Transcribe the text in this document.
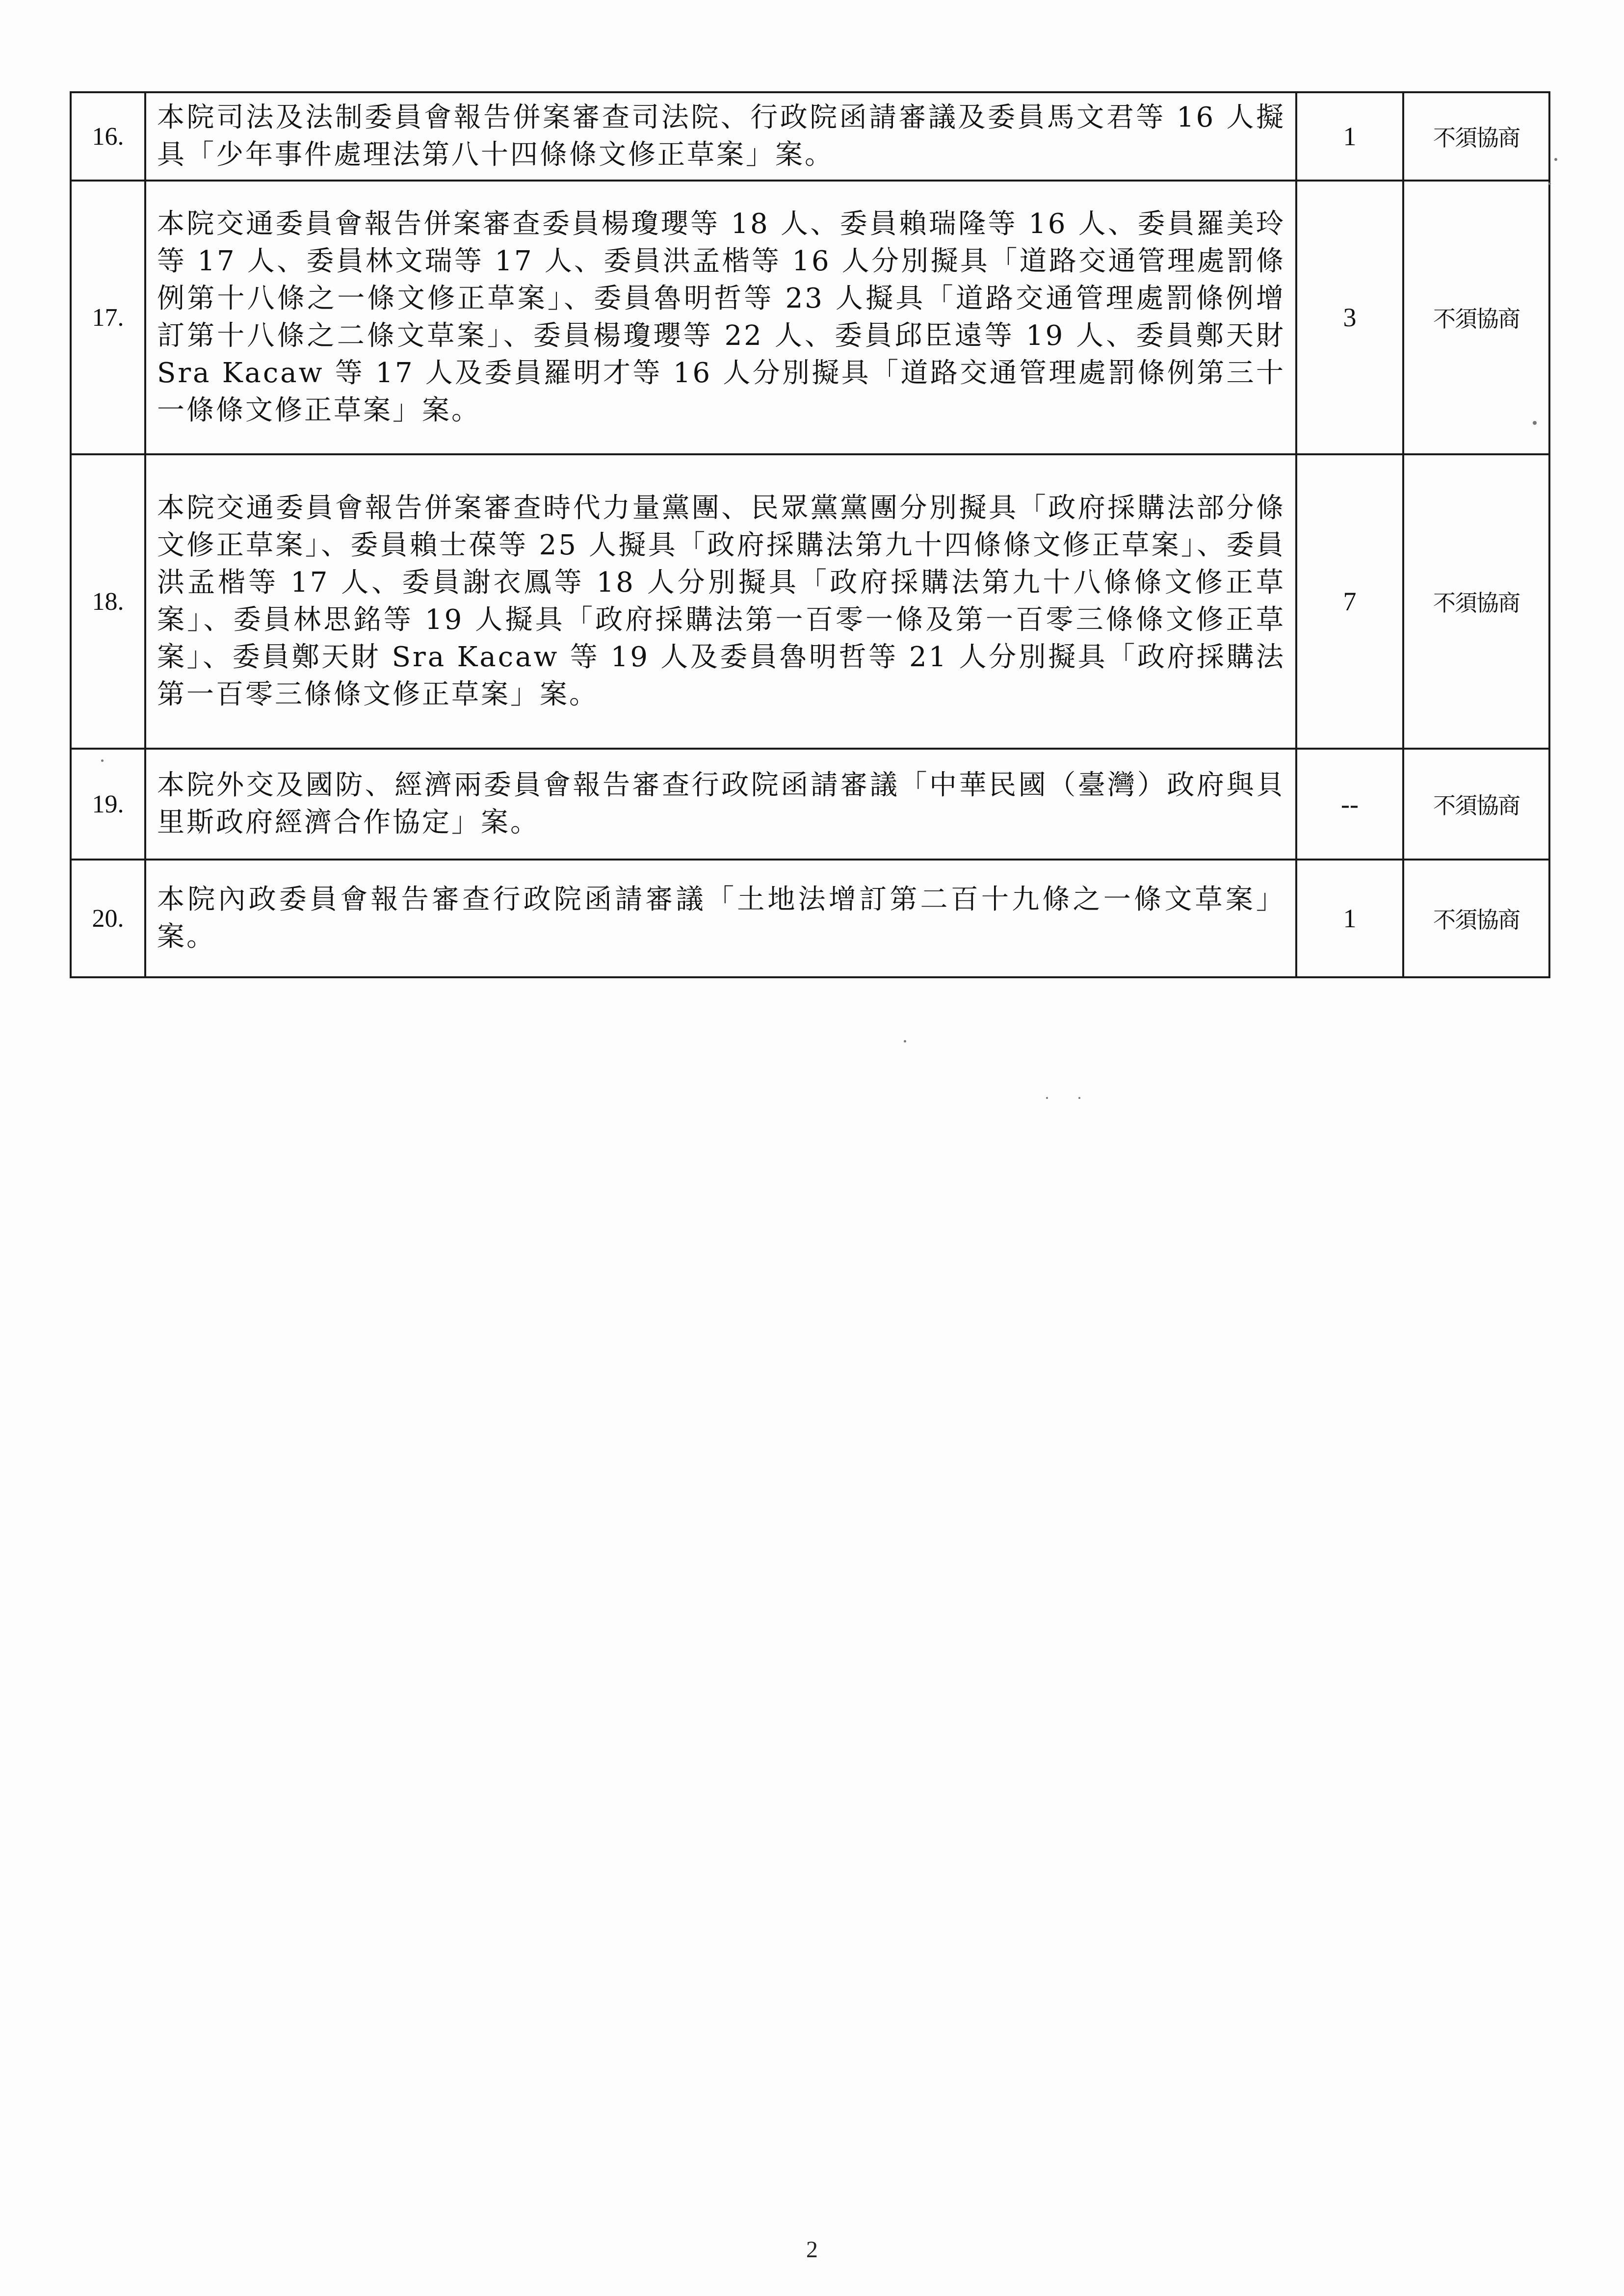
16.	本院司法及法制委員會報告併案審查司法院、行政院函請審議及委員馬文君等 16 人擬具「少年事件處理法第八十四條條文修正草案」案。	1	不須協商
17.	本院交通委員會報告併案審查委員楊瓊瓔等 18 人、委員賴瑞隆等 16 人、委員羅美玲等 17 人、委員林文瑞等 17 人、委員洪孟楷等 16 人分別擬具「道路交通管理處罰條例第十八條之一條文修正草案」、委員魯明哲等 23 人擬具「道路交通管理處罰條例增訂第十八條之二條文草案」、委員楊瓊瓔等 22 人、委員邱臣遠等 19 人、委員鄭天財 Sra Kacaw 等 17 人及委員羅明才等 16 人分別擬具「道路交通管理處罰條例第三十一條條文修正草案」案。	3	不須協商
18.	本院交通委員會報告併案審查時代力量黨團、民眾黨黨團分別擬具「政府採購法部分條文修正草案」、委員賴士葆等 25 人擬具「政府採購法第九十四條條文修正草案」、委員洪孟楷等 17 人、委員謝衣鳳等 18 人分別擬具「政府採購法第九十八條條文修正草案」、委員林思銘等 19 人擬具「政府採購法第一百零一條及第一百零三條條文修正草案」、委員鄭天財 Sra Kacaw 等 19 人及委員魯明哲等 21 人分別擬具「政府採購法第一百零三條條文修正草案」案。	7	不須協商
19.	本院外交及國防、經濟兩委員會報告審查行政院函請審議「中華民國（臺灣）政府與貝里斯政府經濟合作協定」案。	--	不須協商
20.	本院內政委員會報告審查行政院函請審議「土地法增訂第二百十九條之一條文草案」案。	1	不須協商
2
